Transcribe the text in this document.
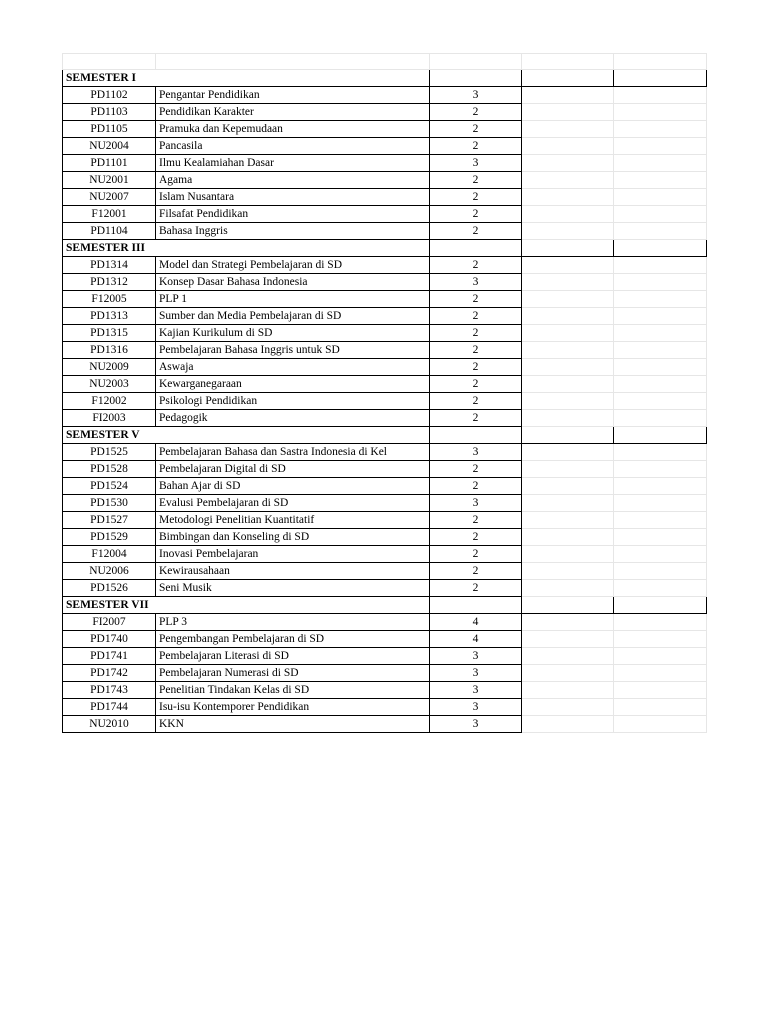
SEMESTER I				
PD1102	Pengantar Pendidikan	3		
PD1103	Pendidikan Karakter	2		
PD1105	Pramuka dan Kepemudaan	2		
NU2004	Pancasila	2		
PD1101	Ilmu Kealamiahan Dasar	3		
NU2001	Agama	2		
NU2007	Islam Nusantara	2		
F12001	Filsafat Pendidikan	2		
PD1104	Bahasa Inggris	2		
SEMESTER III				
PD1314	Model dan Strategi Pembelajaran di SD	2		
PD1312	Konsep Dasar Bahasa Indonesia	3		
F12005	PLP 1	2		
PD1313	Sumber dan Media Pembelajaran di SD	2		
PD1315	Kajian Kurikulum di SD	2		
PD1316	Pembelajaran Bahasa Inggris untuk SD	2		
NU2009	Aswaja	2		
NU2003	Kewarganegaraan	2		
F12002	Psikologi Pendidikan	2		
FI2003	Pedagogik	2		
SEMESTER V				
PD1525	Pembelajaran Bahasa dan Sastra Indonesia di Kel	3		
PD1528	Pembelajaran Digital di SD	2		
PD1524	Bahan Ajar di SD	2		
PD1530	Evalusi Pembelajaran di SD	3		
PD1527	Metodologi Penelitian Kuantitatif	2		
PD1529	Bimbingan dan Konseling di SD	2		
F12004	Inovasi Pembelajaran	2		
NU2006	Kewirausahaan	2		
PD1526	Seni Musik	2		
SEMESTER VII				
FI2007	PLP 3	4		
PD1740	Pengembangan Pembelajaran di SD	4		
PD1741	Pembelajaran Literasi di SD	3		
PD1742	Pembelajaran Numerasi di SD	3		
PD1743	Penelitian Tindakan Kelas di SD	3		
PD1744	Isu-isu Kontemporer Pendidikan	3		
NU2010	KKN	3		
